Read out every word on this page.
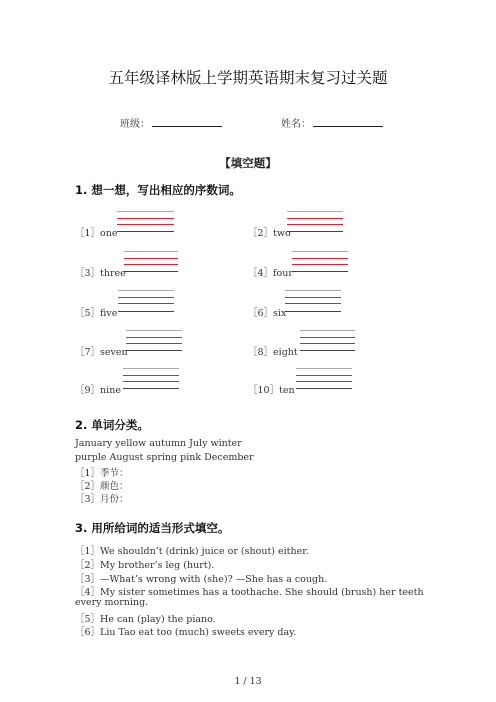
五年级译林版上学期英语期末复习过关题
班级：	姓名：
【填空题】
1. 想一想，写出相应的序数词。
［1］one	［2］two
［3］three	［4］four
［5］five	［6］six
［7］seven	［8］eight
［9］nine	［10］ten
2. 单词分类。
January yellow autumn July winter
purple August spring pink December
［1］季节：
［2］颜色：
［3］月份：
3. 用所给词的适当形式填空。
［1］We shouldn’t (drink) juice or (shout) either.
［2］My brother’s leg (hurt).
［3］—What’s wrong with (she)? —She has a cough.
［4］My sister sometimes has a toothache. She should (brush) her teeth
every morning.
［5］He can (play) the piano.
［6］Liu Tao eat too (much) sweets every day.
1 / 13
